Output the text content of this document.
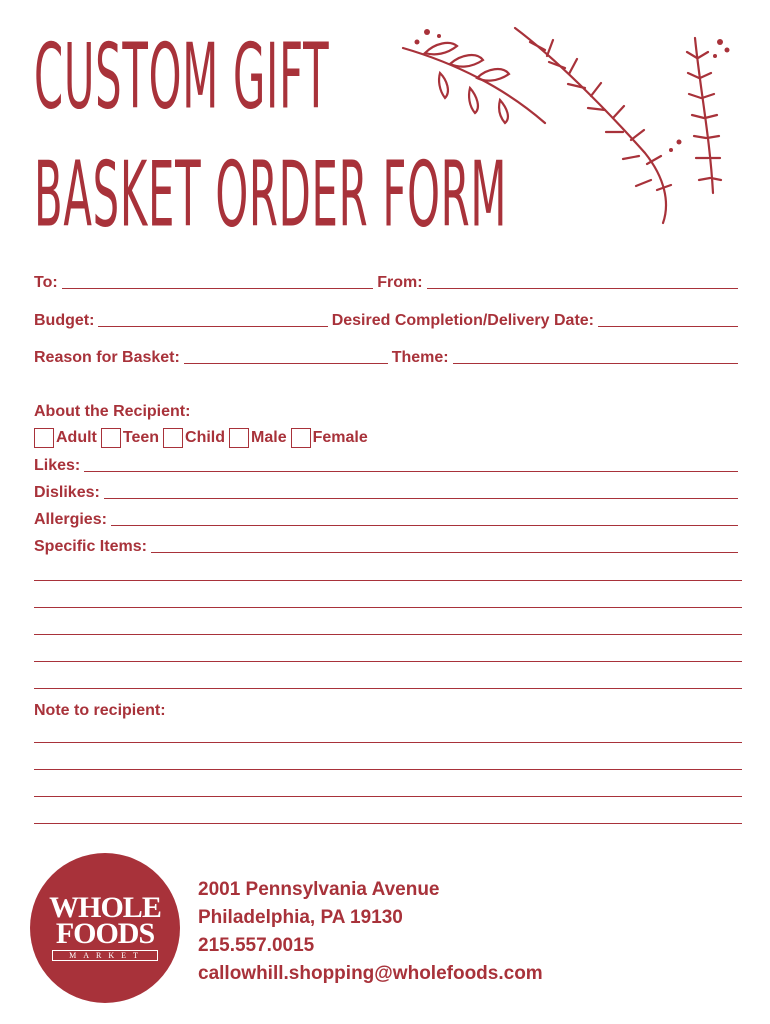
CUSTOM GIFT
BASKET ORDER FORM
To:	From:
Budget:	Desired Completion/Delivery Date:
Reason for Basket:	Theme:
About the Recipient:
Adult Teen Child Male Female
Likes:
Dislikes:
Allergies:
Specific Items:
Note to recipient:
WHOLE
FOODS
MARKET
2001 Pennsylvania Avenue
Philadelphia, PA 19130
215.557.0015
callowhill.shopping@wholefoods.com
